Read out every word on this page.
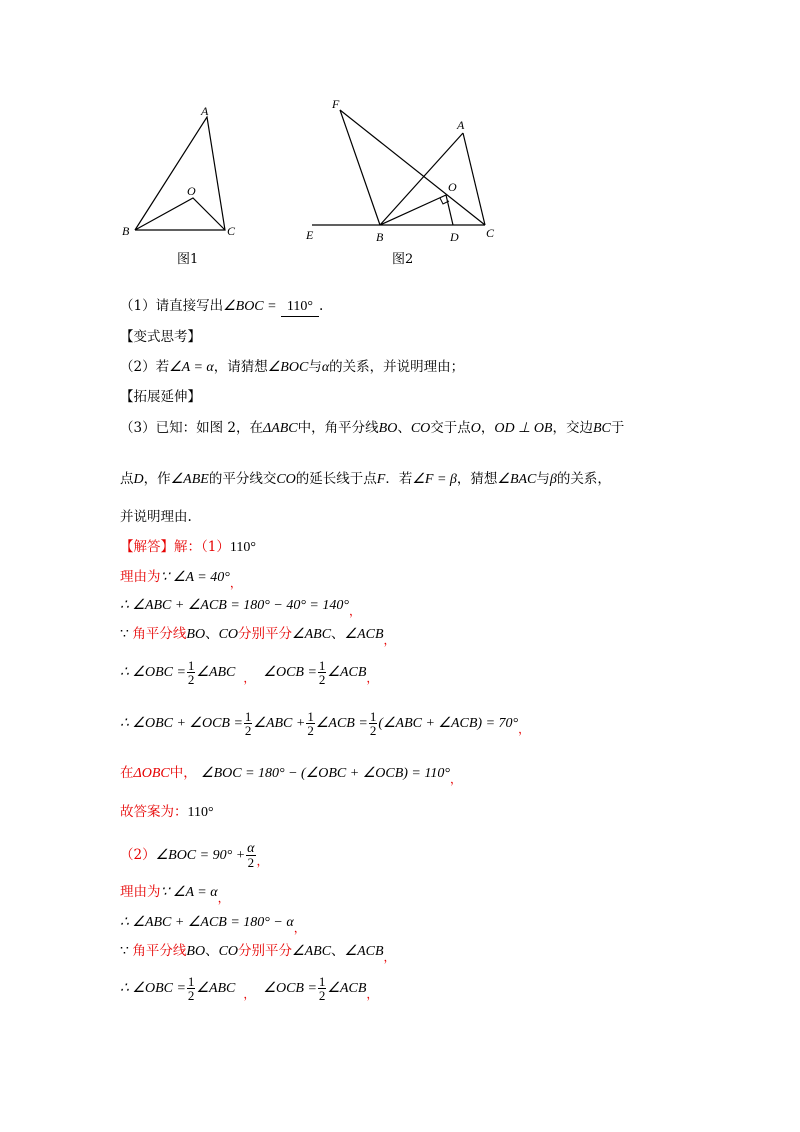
A
O
B	C
图1
F
A
O
E	B	D C
图2
（1）请直接写出∠BOC = 110° .
【变式思考】
（2）若∠A = α，请猜想∠BOC与α的关系，并说明理由；
【拓展延伸】
（3）已知：如图 2，在ΔABC中，角平分线BO、CO交于点O，OD ⊥ OB，交边BC于
点D，作∠ABE的平分线交CO的延长线于点F．若∠F = β，猜想∠BAC与β的关系，
并说明理由.
【解答】解：（1）110°
理由为∵ ∠A = 40°，
∴ ∠ABC + ∠ACB = 180° − 40° = 140°，
∵ 角平分线BO、CO分别平分∠ABC、∠ACB，
∴ ∠OBC = $\frac{1}{2}$ ∠ABC ， ∠OCB = $\frac{1}{2}$ ∠ACB，
∴ ∠OBC + ∠OCB = $\frac{1}{2}$ ∠ABC + $\frac{1}{2}$ ∠ACB = $\frac{1}{2}$ (∠ABC + ∠ACB) = 70°，
在ΔOBC中， ∠BOC = 180° − (∠OBC + ∠OCB) = 110°，
故答案为：110°
（2）∠BOC = $90^\circ + \frac{\alpha}{2}$ ，
理由为∵ ∠A = α，
∴ ∠ABC + ∠ACB = 180° − α，
∵ 角平分线BO、CO分别平分∠ABC、∠ACB，
∴ ∠OBC = $\frac{1}{2}$ ∠ABC ， ∠OCB = $\frac{1}{2}$ ∠ACB，
